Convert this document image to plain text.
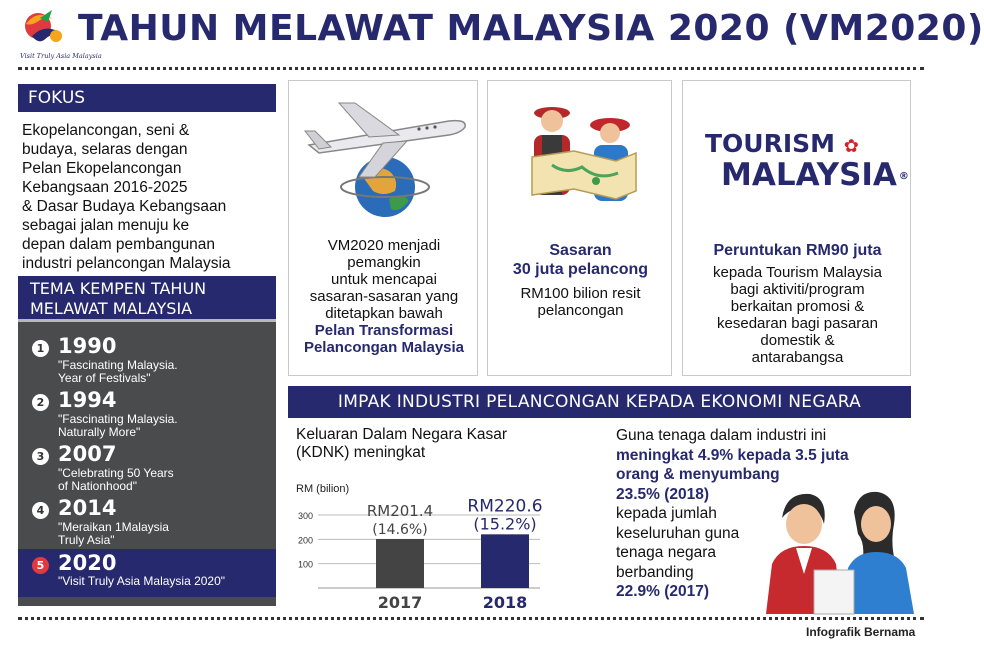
Visit Truly Asia Malaysia
TAHUN MELAWAT MALAYSIA 2020 (VM2020)
FOKUS
Ekopelancongan, seni &
budaya, selaras dengan
Pelan Ekopelancongan
Kebangsaan 2016-2025
& Dasar Budaya Kebangsaan
sebagai jalan menuju ke
depan dalam pembangunan
industri pelancongan Malaysia
TEMA KEMPEN TAHUN
MELAWAT MALAYSIA
1 1990
"Fascinating Malaysia.
Year of Festivals"
2 1994
"Fascinating Malaysia.
Naturally More"
3 2007
"Celebrating 50 Years
of Nationhood"
4 2014
"Meraikan 1Malaysia
Truly Asia"
5 2020
"Visit Truly Asia Malaysia 2020"
VM2020 menjadi
pemangkin
untuk mencapai
sasaran-sasaran yang
ditetapkan bawah
Pelan Transformasi
Pelancongan Malaysia
Sasaran
30 juta pelancong
RM100 bilion resit
pelancongan
TOURISM ✿
MALAYSIA ®
Peruntukan RM90 juta
kepada Tourism Malaysia
bagi aktiviti/program
berkaitan promosi &
kesedaran bagi pasaran
domestik &
antarabangsa
IMPAK INDUSTRI PELANCONGAN KEPADA EKONOMI NEGARA
Keluaran Dalam Negara Kasar
(KDNK) meningkat
RM (bilion)
300
200
100
RM201.4
(14.6%)
2017
RM220.6
(15.2%)
2018
Guna tenaga dalam industri ini
meningkat 4.9% kepada 3.5 juta
orang & menyumbang
23.5% (2018)
kepada jumlah
keseluruhan guna
tenaga negara
berbanding
22.9% (2017)
Infografik Bernama
